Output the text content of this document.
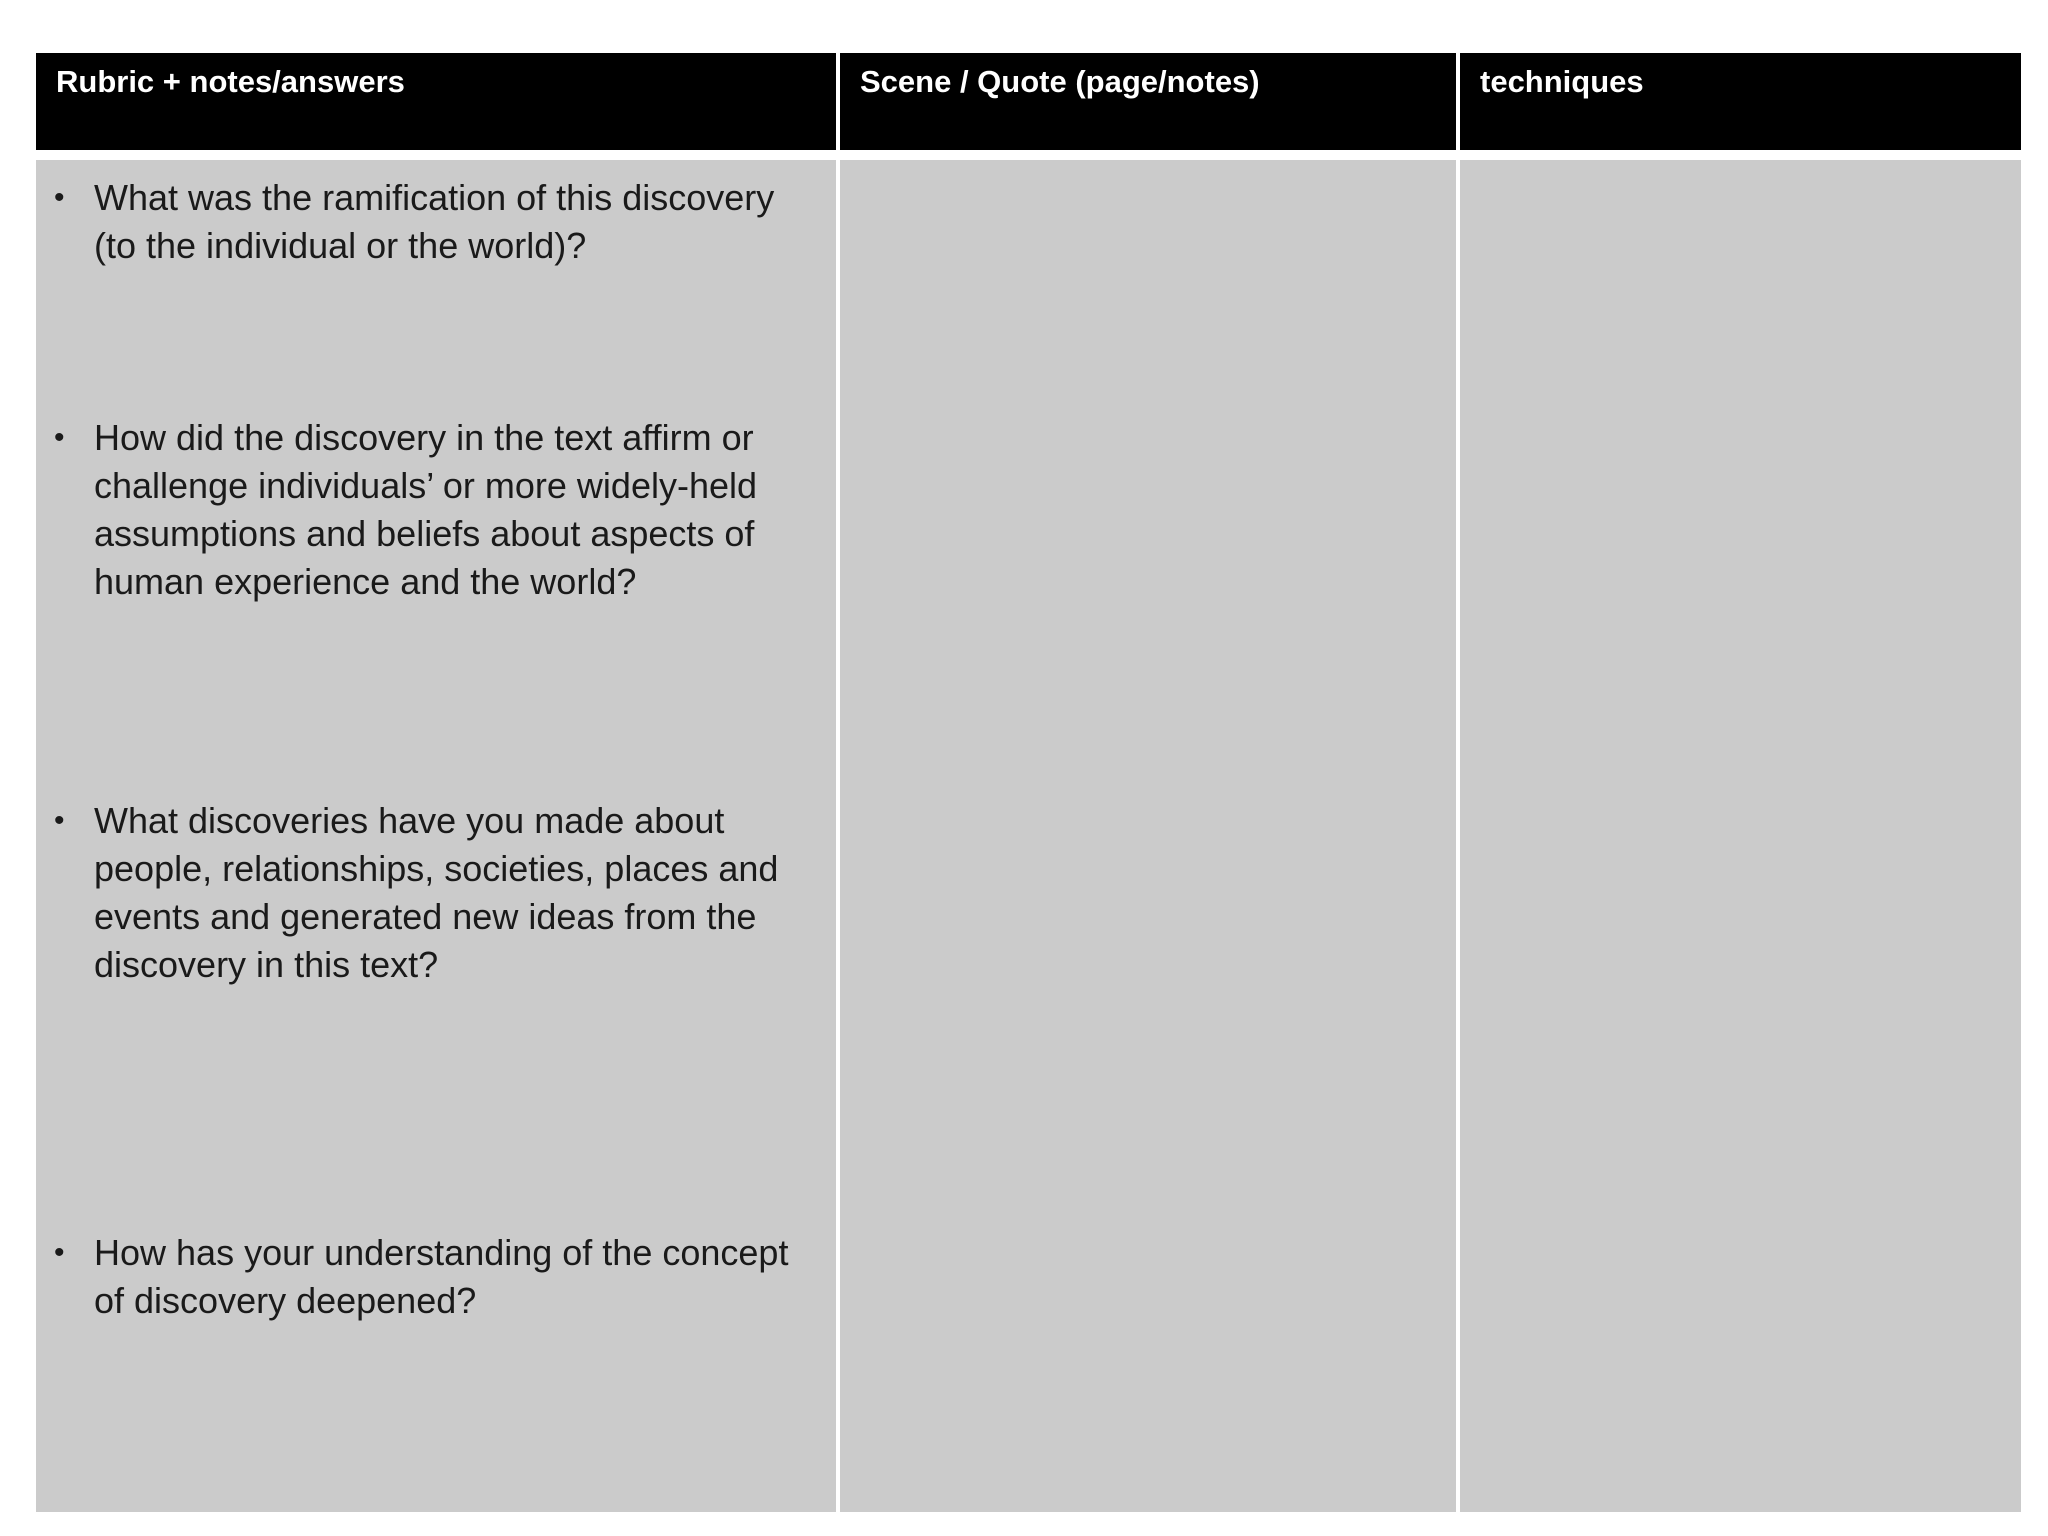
Rubric + notes/answers	Scene / Quote (page/notes)	techniques
• What was the ramification of this discovery (to the individual or the world)?
• How did the discovery in the text affirm or challenge individuals’ or more widely-held assumptions and beliefs about aspects of human experience and the world?
• What discoveries have you made about people, relationships, societies, places and events and generated new ideas from the discovery in this text?
• How has your understanding of the concept of discovery deepened?
